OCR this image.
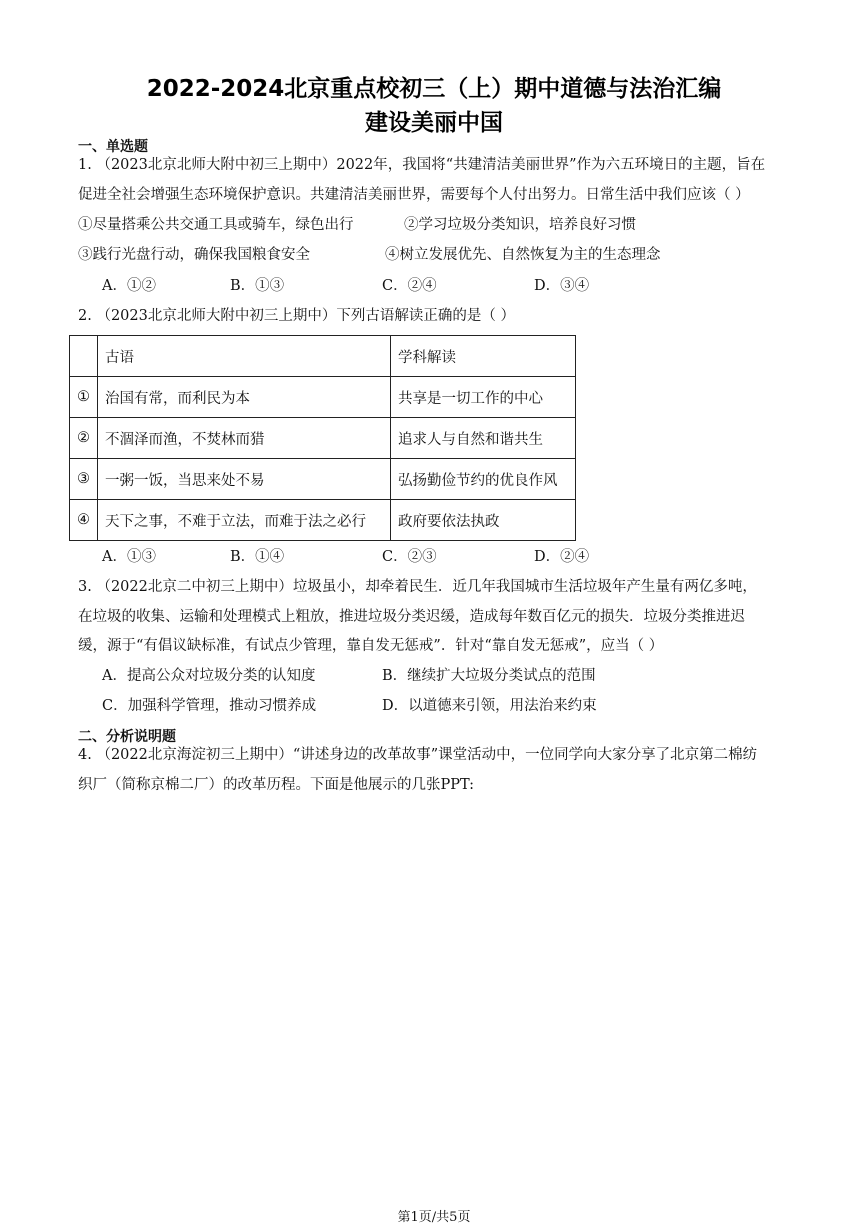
2022-2024北京重点校初三（上）期中道德与法治汇编
建设美丽中国
一、单选题
1. （2023北京北师大附中初三上期中）2022年，我国将“共建清洁美丽世界”作为六五环境日的主题，旨在
促进全社会增强生态环境保护意识。共建清洁美丽世界，需要每个人付出努力。日常生活中我们应该（ ）
①尽量搭乘公共交通工具或骑车，绿色出行	②学习垃圾分类知识，培养良好习惯
③践行光盘行动，确保我国粮食安全	④树立发展优先、自然恢复为主的生态理念
A．①②	B．①③	C．②④	D．③④
2. （2023北京北师大附中初三上期中）下列古语解读正确的是（ ）
	古语	学科解读
①	治国有常，而利民为本	共享是一切工作的中心
②	不涸泽而渔，不焚林而猎	追求人与自然和谐共生
③	一粥一饭，当思来处不易	弘扬勤俭节约的优良作风
④	天下之事，不难于立法，而难于法之必行	政府要依法执政
A．①③	B．①④	C．②③	D．②④
3. （2022北京二中初三上期中）垃圾虽小，却牵着民生．近几年我国城市生活垃圾年产生量有两亿多吨，
在垃圾的收集、运输和处理模式上粗放，推进垃圾分类迟缓，造成每年数百亿元的损失．垃圾分类推进迟
缓，源于“有倡议缺标准，有试点少管理，靠自发无惩戒”．针对“靠自发无惩戒”，应当（ ）
A．提高公众对垃圾分类的认知度	B．继续扩大垃圾分类试点的范围
C．加强科学管理，推动习惯养成	D．以道德来引领，用法治来约束
二、分析说明题
4. （2022北京海淀初三上期中）“讲述身边的改革故事”课堂活动中，一位同学向大家分享了北京第二棉纺
织厂（简称京棉二厂）的改革历程。下面是他展示的几张PPT:
第1页/共5页
